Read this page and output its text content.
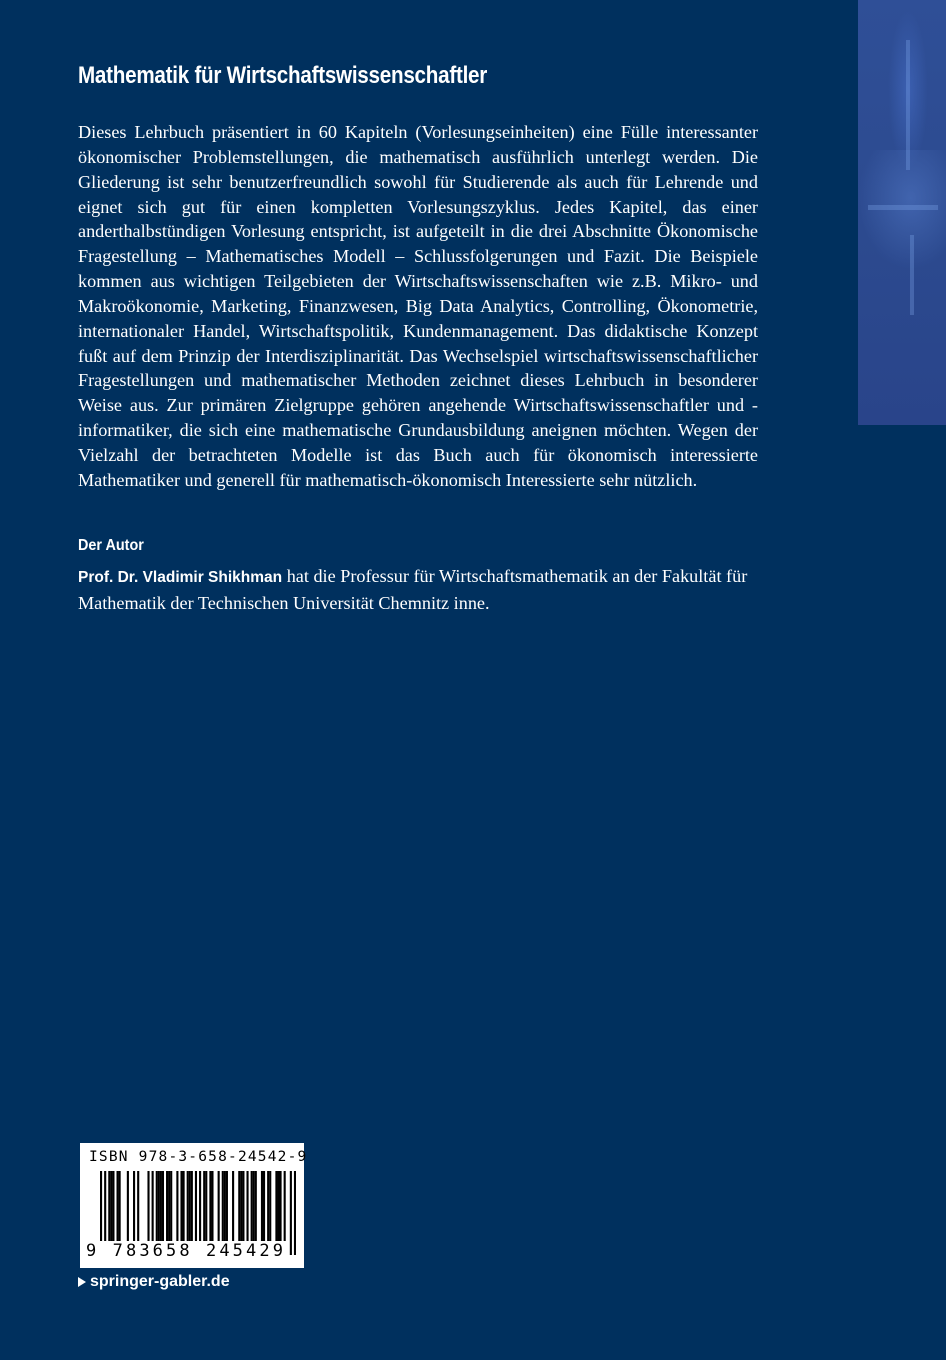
Mathematik für Wirtschaftswissenschaftler

Dieses Lehrbuch präsentiert in 60 Kapiteln (Vorlesungseinheiten) eine Fülle interessanter ökonomischer Problemstellungen, die mathematisch ausführlich unterlegt werden. Die Gliederung ist sehr benutzerfreundlich sowohl für Studierende als auch für Lehrende und eignet sich gut für einen kompletten Vorlesungszyklus. Jedes Kapitel, das einer anderthalbstündigen Vorlesung entspricht, ist aufgeteilt in die drei Abschnitte Ökonomische Fragestellung – Mathematisches Modell – Schlussfolgerungen und Fazit. Die Beispiele kommen aus wichtigen Teilgebieten der Wirtschaftswissenschaften wie z.B. Mikro- und Makroökonomie, Marketing, Finanzwesen, Big Data Analytics, Controlling, Ökonometrie, internationaler Handel, Wirtschaftspolitik, Kundenmanagement. Das didaktische Konzept fußt auf dem Prinzip der Interdisziplinarität. Das Wechselspiel wirtschaftswissenschaftlicher Fragestellungen und mathematischer Methoden zeichnet dieses Lehrbuch in besonderer Weise aus. Zur primären Zielgruppe gehören angehende Wirtschaftswissenschaftler und -informatiker, die sich eine mathematische Grundausbildung aneignen möchten. Wegen der Vielzahl der betrachteten Modelle ist das Buch auch für ökonomisch interessierte Mathematiker und generell für mathematisch-​ökonomisch Interessierte sehr nützlich.

Der Autor

Prof. Dr. Vladimir Shikhman hat die Professur für Wirtschaftsmathematik an der Fakultät für Mathematik der Technischen Universität Chemnitz inne.

ISBN 978-3-658-24542-9
9 783658 245429
springer-gabler.de
